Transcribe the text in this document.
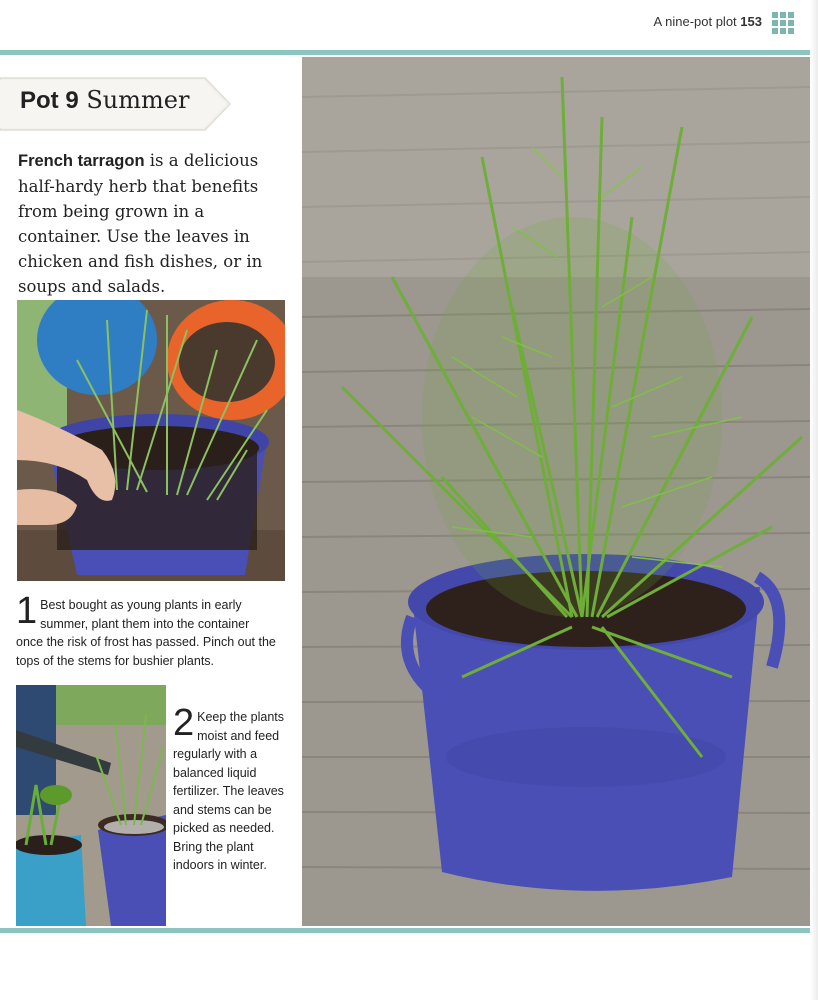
A nine-pot plot 153
Pot 9 Summer
French tarragon is a delicious half-hardy herb that benefits from being grown in a container. Use the leaves in chicken and fish dishes, or in soups and salads.
1 Best bought as young plants in early summer, plant them into the container once the risk of frost has passed. Pinch out the tops of the stems for bushier plants.
2 Keep the plants moist and feed regularly with a balanced liquid fertilizer. The leaves and stems can be picked as needed. Bring the plant indoors in winter.
